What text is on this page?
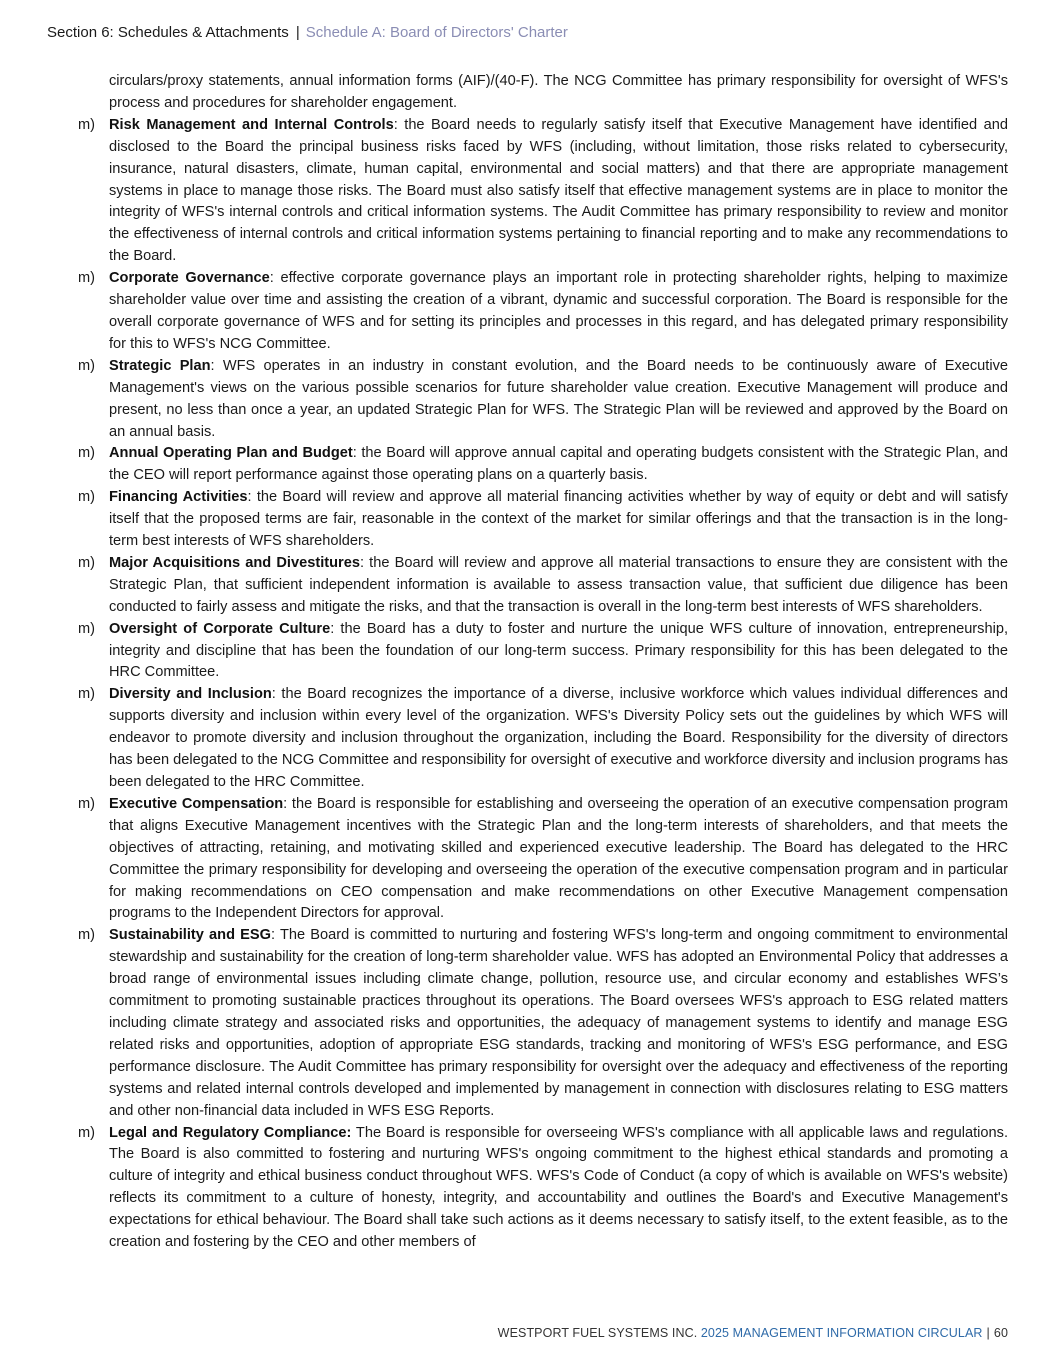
Section 6: Schedules & Attachments | Schedule A: Board of Directors' Charter
circulars/proxy statements, annual information forms (AIF)/(40-F). The NCG Committee has primary responsibility for oversight of WFS's process and procedures for shareholder engagement.
m) Risk Management and Internal Controls: the Board needs to regularly satisfy itself that Executive Management have identified and disclosed to the Board the principal business risks faced by WFS (including, without limitation, those risks related to cybersecurity, insurance, natural disasters, climate, human capital, environmental and social matters) and that there are appropriate management systems in place to manage those risks. The Board must also satisfy itself that effective management systems are in place to monitor the integrity of WFS's internal controls and critical information systems. The Audit Committee has primary responsibility to review and monitor the effectiveness of internal controls and critical information systems pertaining to financial reporting and to make any recommendations to the Board.
m) Corporate Governance: effective corporate governance plays an important role in protecting shareholder rights, helping to maximize shareholder value over time and assisting the creation of a vibrant, dynamic and successful corporation. The Board is responsible for the overall corporate governance of WFS and for setting its principles and processes in this regard, and has delegated primary responsibility for this to WFS's NCG Committee.
m) Strategic Plan: WFS operates in an industry in constant evolution, and the Board needs to be continuously aware of Executive Management's views on the various possible scenarios for future shareholder value creation. Executive Management will produce and present, no less than once a year, an updated Strategic Plan for WFS. The Strategic Plan will be reviewed and approved by the Board on an annual basis.
m) Annual Operating Plan and Budget: the Board will approve annual capital and operating budgets consistent with the Strategic Plan, and the CEO will report performance against those operating plans on a quarterly basis.
m) Financing Activities: the Board will review and approve all material financing activities whether by way of equity or debt and will satisfy itself that the proposed terms are fair, reasonable in the context of the market for similar offerings and that the transaction is in the long-term best interests of WFS shareholders.
m) Major Acquisitions and Divestitures: the Board will review and approve all material transactions to ensure they are consistent with the Strategic Plan, that sufficient independent information is available to assess transaction value, that sufficient due diligence has been conducted to fairly assess and mitigate the risks, and that the transaction is overall in the long-term best interests of WFS shareholders.
m) Oversight of Corporate Culture: the Board has a duty to foster and nurture the unique WFS culture of innovation, entrepreneurship, integrity and discipline that has been the foundation of our long-term success. Primary responsibility for this has been delegated to the HRC Committee.
m) Diversity and Inclusion: the Board recognizes the importance of a diverse, inclusive workforce which values individual differences and supports diversity and inclusion within every level of the organization. WFS's Diversity Policy sets out the guidelines by which WFS will endeavor to promote diversity and inclusion throughout the organization, including the Board. Responsibility for the diversity of directors has been delegated to the NCG Committee and responsibility for oversight of executive and workforce diversity and inclusion programs has been delegated to the HRC Committee.
m) Executive Compensation: the Board is responsible for establishing and overseeing the operation of an executive compensation program that aligns Executive Management incentives with the Strategic Plan and the long-term interests of shareholders, and that meets the objectives of attracting, retaining, and motivating skilled and experienced executive leadership. The Board has delegated to the HRC Committee the primary responsibility for developing and overseeing the operation of the executive compensation program and in particular for making recommendations on CEO compensation and make recommendations on other Executive Management compensation programs to the Independent Directors for approval.
m) Sustainability and ESG: The Board is committed to nurturing and fostering WFS's long-term and ongoing commitment to environmental stewardship and sustainability for the creation of long-term shareholder value. WFS has adopted an Environmental Policy that addresses a broad range of environmental issues including climate change, pollution, resource use, and circular economy and establishes WFS’s commitment to promoting sustainable practices throughout its operations. The Board oversees WFS's approach to ESG related matters including climate strategy and associated risks and opportunities, the adequacy of management systems to identify and manage ESG related risks and opportunities, adoption of appropriate ESG standards, tracking and monitoring of WFS's ESG performance, and ESG performance disclosure. The Audit Committee has primary responsibility for oversight over the adequacy and effectiveness of the reporting systems and related internal controls developed and implemented by management in connection with disclosures relating to ESG matters and other non-financial data included in WFS ESG Reports.
m) Legal and Regulatory Compliance: The Board is responsible for overseeing WFS's compliance with all applicable laws and regulations. The Board is also committed to fostering and nurturing WFS's ongoing commitment to the highest ethical standards and promoting a culture of integrity and ethical business conduct throughout WFS. WFS's Code of Conduct (a copy of which is available on WFS's website) reflects its commitment to a culture of honesty, integrity, and accountability and outlines the Board's and Executive Management's expectations for ethical behaviour. The Board shall take such actions as it deems necessary to satisfy itself, to the extent feasible, as to the creation and fostering by the CEO and other members of
WESTPORT FUEL SYSTEMS INC. 2025 MANAGEMENT INFORMATION CIRCULAR | 60
